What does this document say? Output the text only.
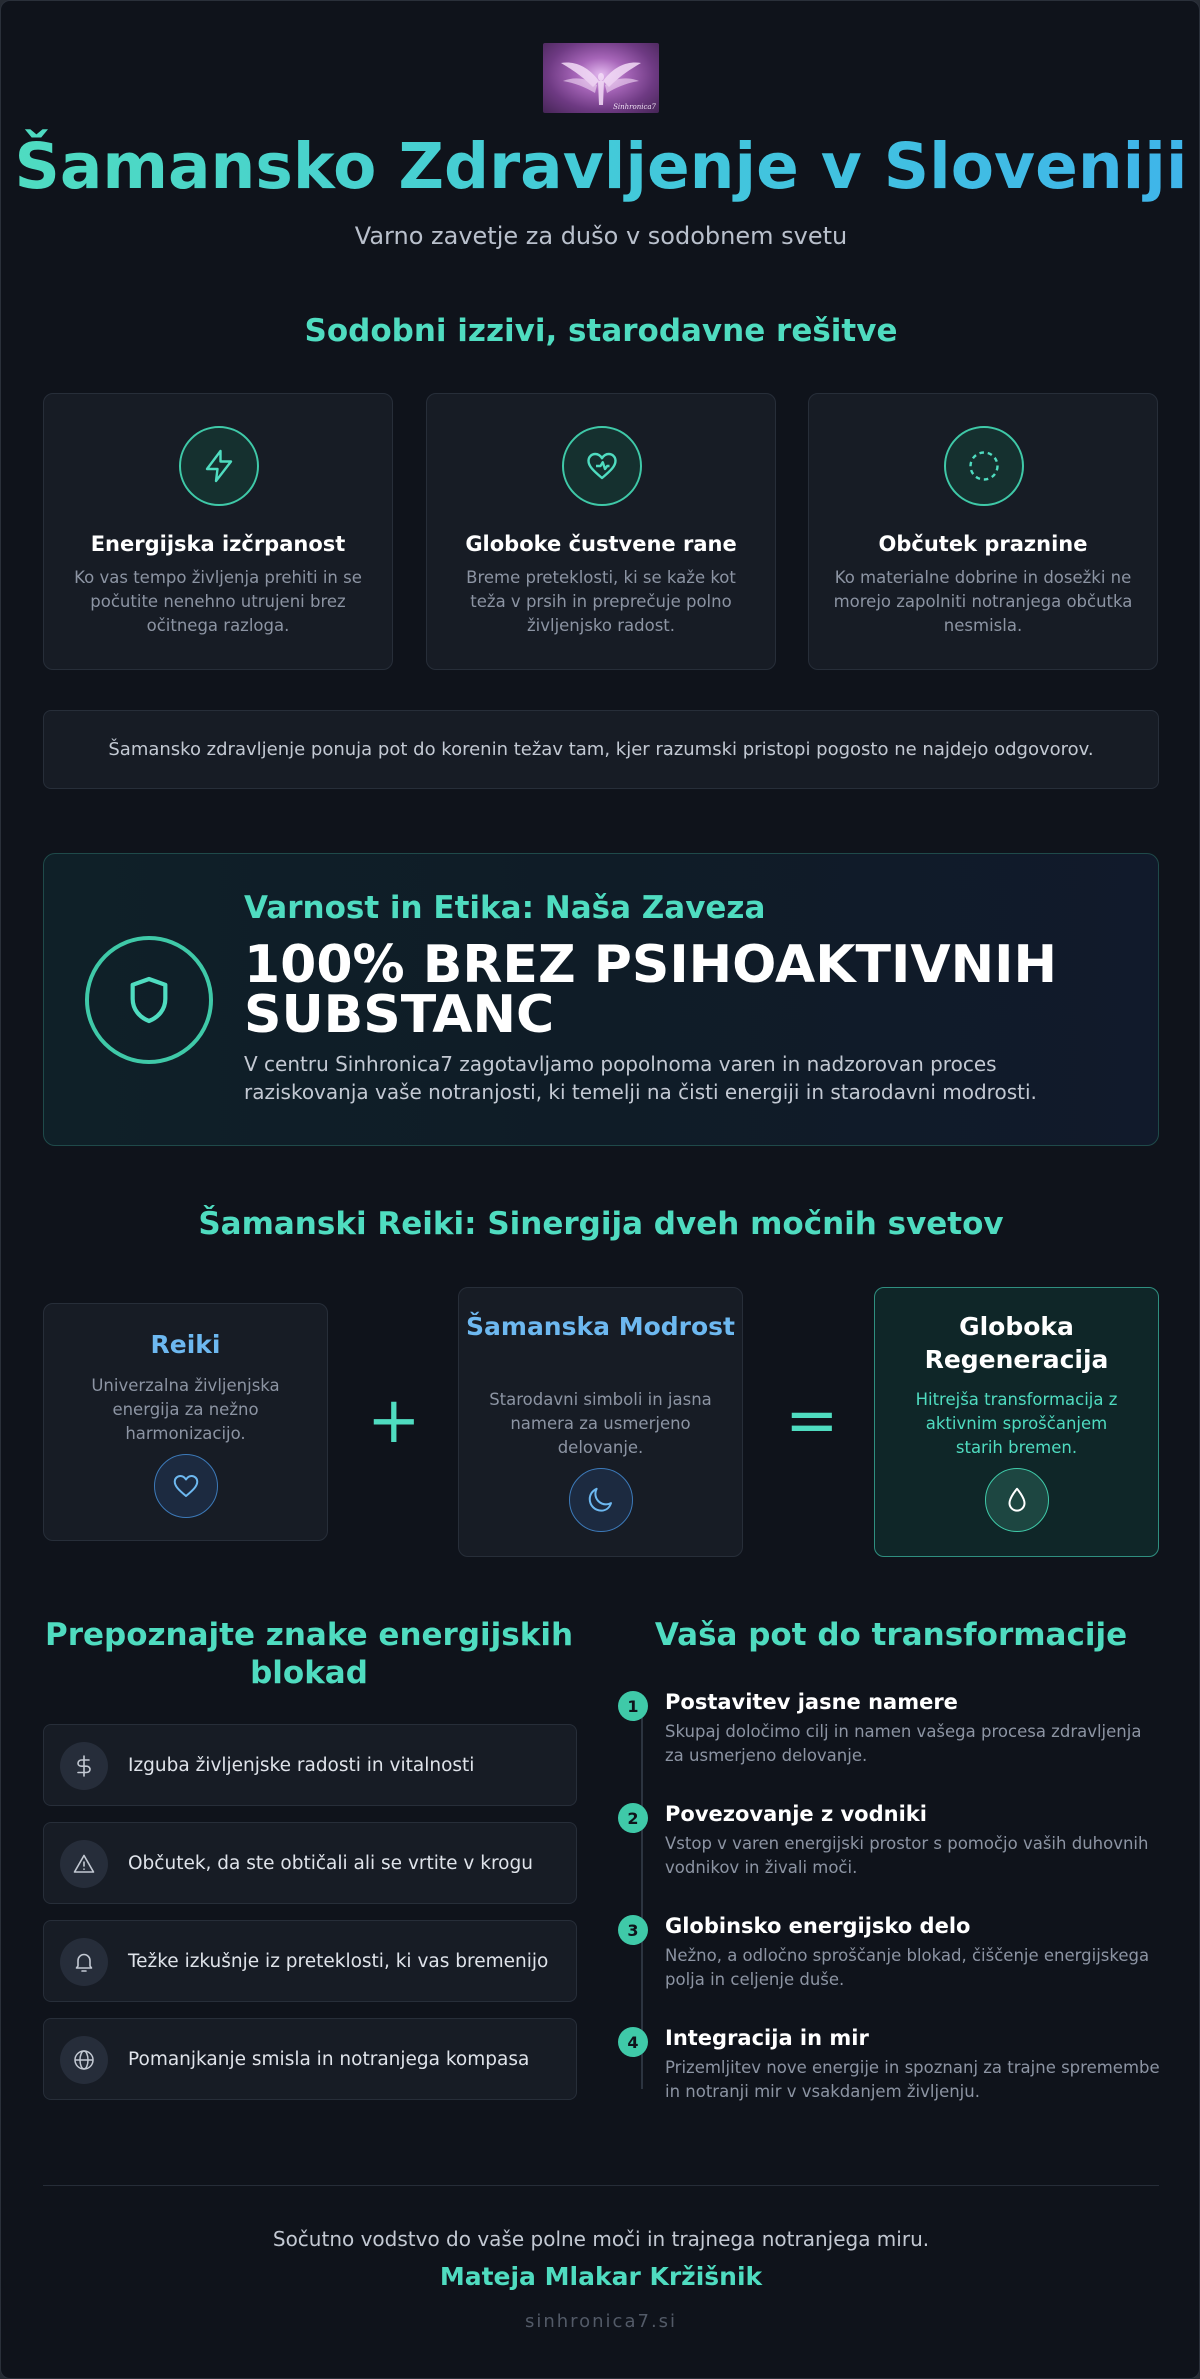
Sinhronica7
Šamansko Zdravljenje v Sloveniji
Varno zavetje za dušo v sodobnem svetu
Sodobni izzivi, starodavne rešitve
Energijska izčrpanost
Ko vas tempo življenja prehiti in se počutite nenehno utrujeni brez očitnega razloga.
Globoke čustvene rane
Breme preteklosti, ki se kaže kot teža v prsih in preprečuje polno življenjsko radost.
Občutek praznine
Ko materialne dobrine in dosežki ne morejo zapolniti notranjega občutka nesmisla.
Šamansko zdravljenje ponuja pot do korenin težav tam, kjer razumski pristopi pogosto ne najdejo odgovorov.
Varnost in Etika: Naša Zaveza
100% BREZ PSIHOAKTIVNIH SUBSTANC
V centru Sinhronica7 zagotavljamo popolnoma varen in nadzorovan proces raziskovanja vaše notranjosti, ki temelji na čisti energiji in starodavni modrosti.
Šamanski Reiki: Sinergija dveh močnih svetov
Reiki
Univerzalna življenjska energija za nežno harmonizacijo.	+
Šamanska Modrost
Starodavni simboli in jasna namera za usmerjeno delovanje.	=
Globoka Regeneracija
Hitrejša transformacija z aktivnim sproščanjem starih bremen.
Prepoznajte znake energijskih blokad
Izguba življenjske radosti in vitalnosti
Občutek, da ste obtičali ali se vrtite v krogu
Težke izkušnje iz preteklosti, ki vas bremenijo
Pomanjkanje smisla in notranjega kompasa
Vaša pot do transformacije
1	Postavitev jasne namere
Skupaj določimo cilj in namen vašega procesa zdravljenja za usmerjeno delovanje.
2	Povezovanje z vodniki
Vstop v varen energijski prostor s pomočjo vaših duhovnih vodnikov in živali moči.
3	Globinsko energijsko delo
Nežno, a odločno sproščanje blokad, čiščenje energijskega polja in celjenje duše.
4	Integracija in mir
Prizemljitev nove energije in spoznanj za trajne spremembe in notranji mir v vsakdanjem življenju.
Sočutno vodstvo do vaše polne moči in trajnega notranjega miru.
Mateja Mlakar Kržišnik
sinhronica7.si
